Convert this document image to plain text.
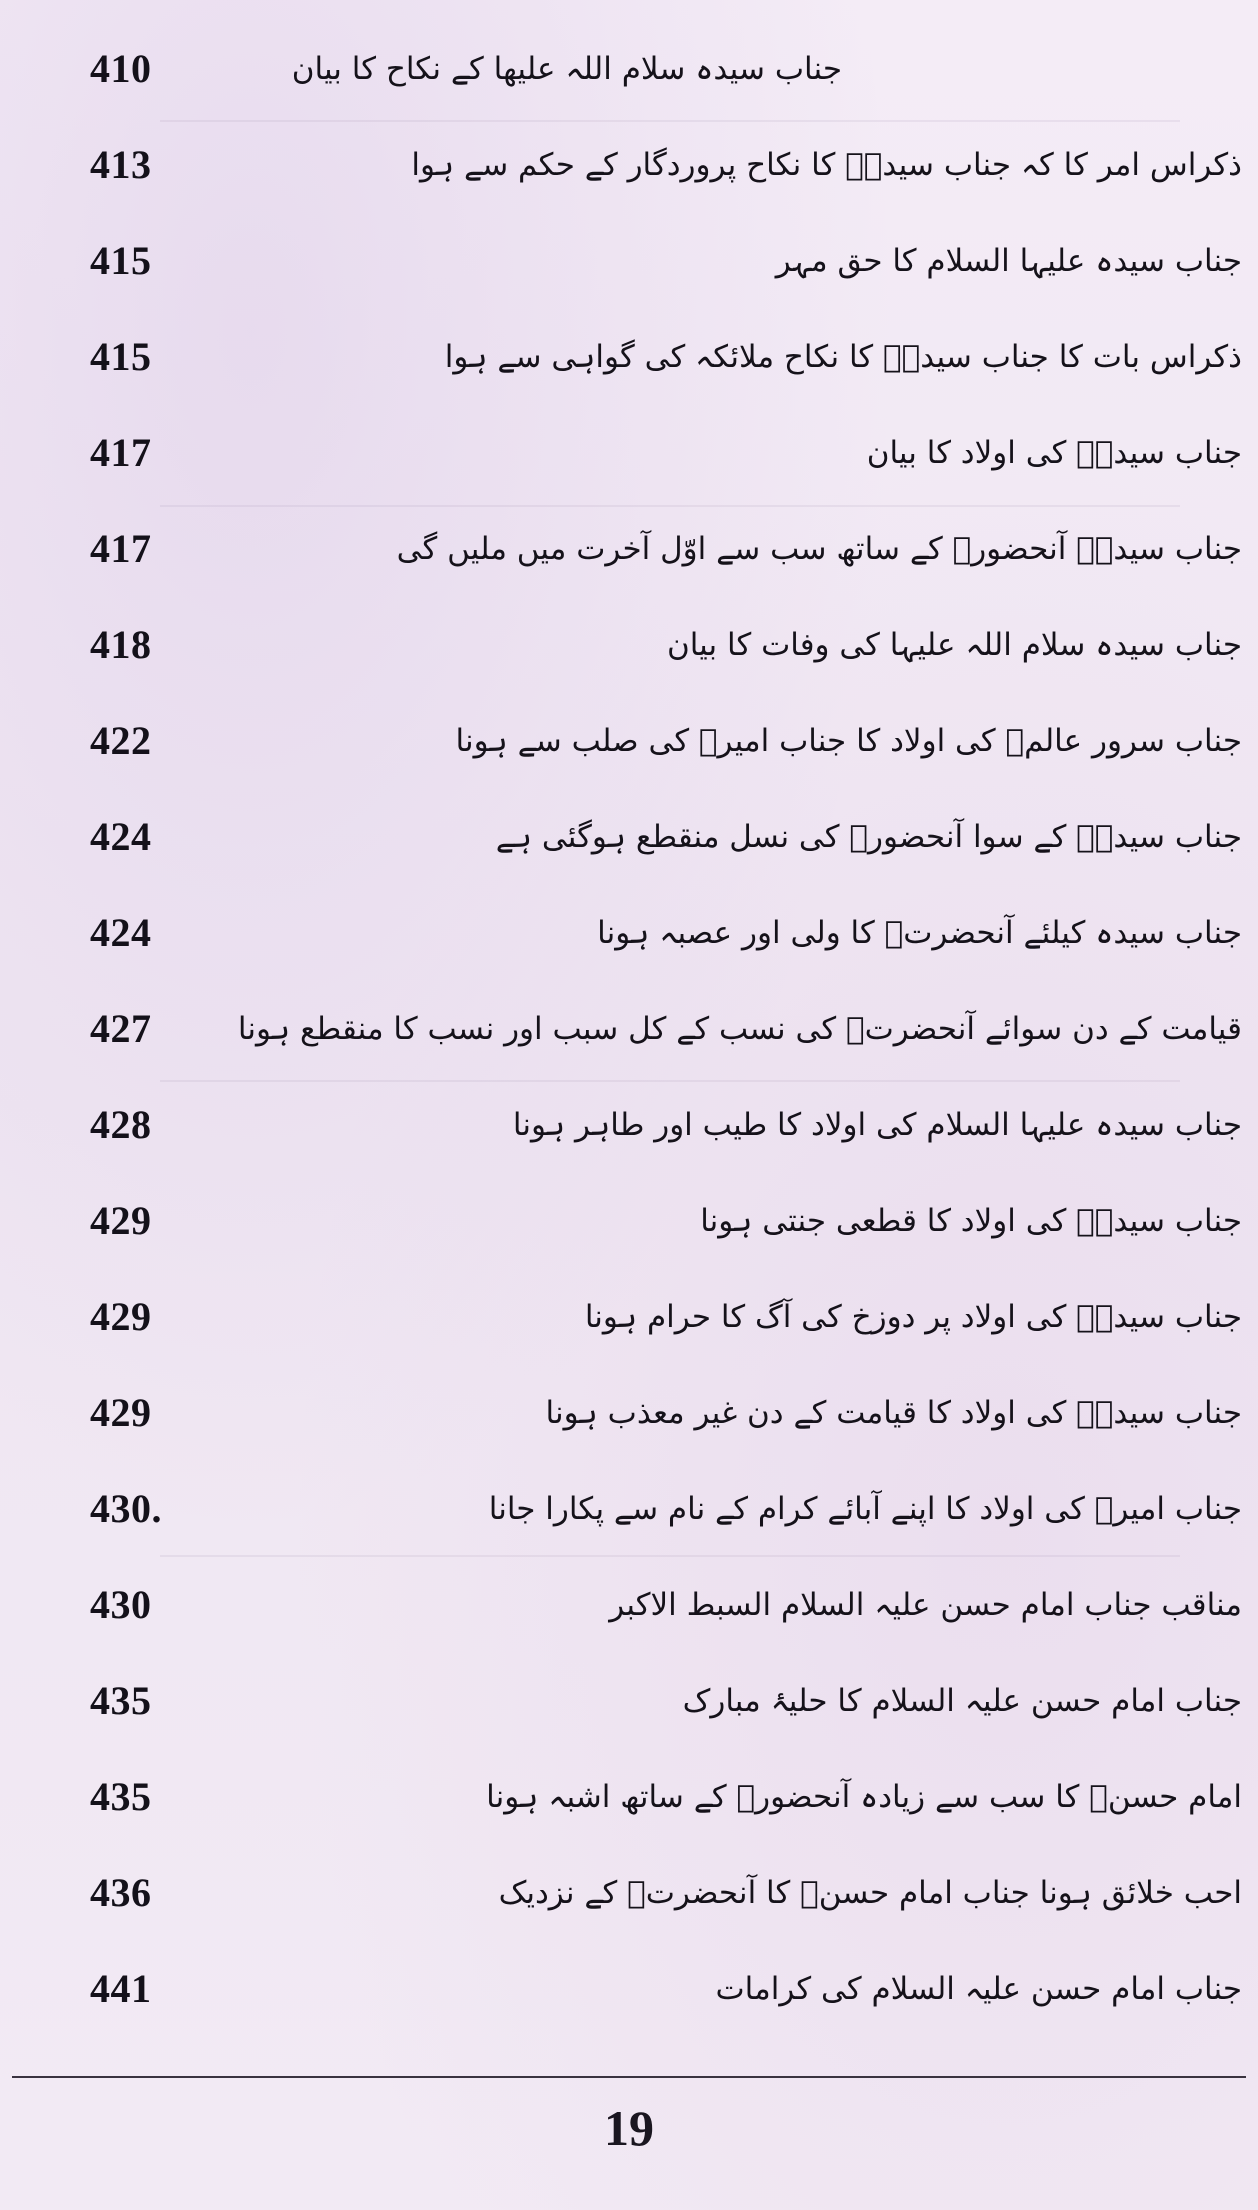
410	جناب سیدہ سلام اللہ علیھا کے نکاح کا بیان
413	ذکراس امر کا کہ جناب سیدہؑ کا نکاح پروردگار کے حکم سے ہوا
415	جناب سیدہ علیہا السلام کا حق مہر
415	ذکراس بات کا جناب سیدہؑ کا نکاح ملائکہ کی گواہی سے ہوا
417	جناب سیدہؑ کی اولاد کا بیان
417	جناب سیدہؑ آنحضورؐ کے ساتھ سب سے اوّل آخرت میں ملیں گی
418	جناب سیدہ سلام اللہ علیہا کی وفات کا بیان
422	جناب سرور عالمؐ کی اولاد کا جناب امیرؑ کی صلب سے ہونا
424	جناب سیدہؑ کے سوا آنحضورؐ کی نسل منقطع ہوگئی ہے
424	جناب سیدہ کیلئے آنحضرتؐ کا ولی اور عصبہ ہونا
427	قیامت کے دن سوائے آنحضرتؐ کی نسب کے کل سبب اور نسب کا منقطع ہونا
428	جناب سیدہ علیہا السلام کی اولاد کا طیب اور طاہر ہونا
429	جناب سیدہؑ کی اولاد کا قطعی جنتی ہونا
429	جناب سیدہؑ کی اولاد پر دوزخ کی آگ کا حرام ہونا
429	جناب سیدہؑ کی اولاد کا قیامت کے دن غیر معذب ہونا
430.	جناب امیرؑ کی اولاد کا اپنے آبائے کرام کے نام سے پکارا جانا
430	مناقب جناب امام حسن علیہ السلام السبط الاکبر
435	جناب امام حسن علیہ السلام کا حلیۂ مبارک
435	امام حسنؑ کا سب سے زیادہ آنحضورؐ کے ساتھ اشبہ ہونا
436	احب خلائق ہونا جناب امام حسنؑ کا آنحضرتؐ کے نزدیک
441	جناب امام حسن علیہ السلام کی کرامات
19
